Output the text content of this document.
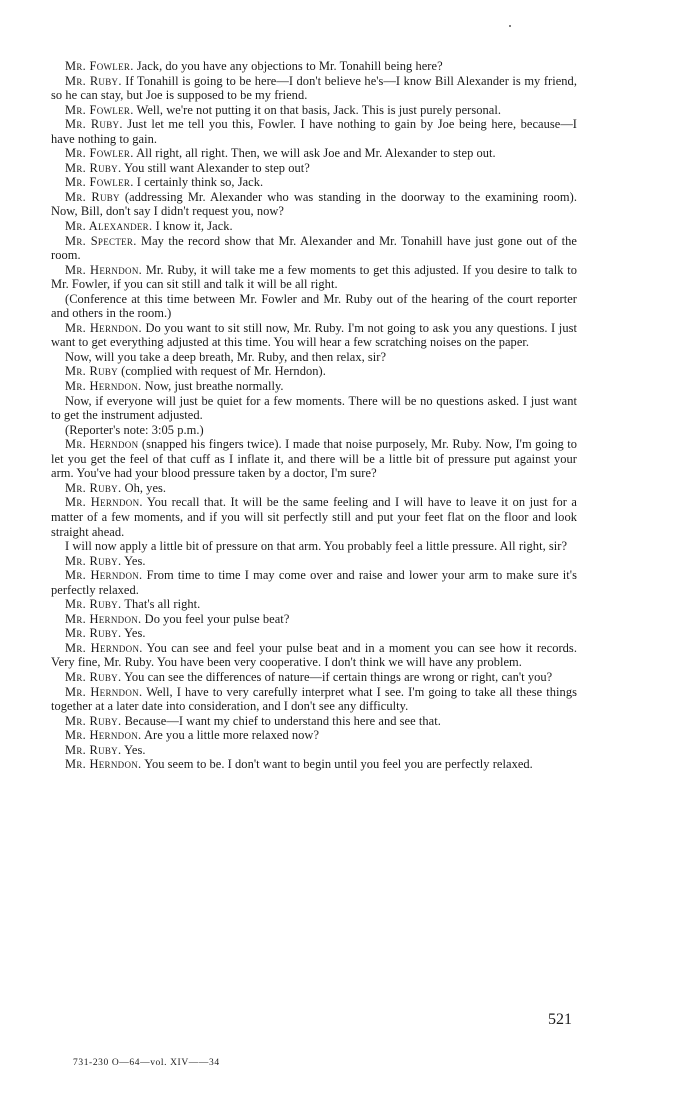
Mr. Fowler. Jack, do you have any objections to Mr. Tonahill being here?

Mr. Ruby. If Tonahill is going to be here—I don't believe he's—I know Bill Alexander is my friend, so he can stay, but Joe is supposed to be my friend.

Mr. Fowler. Well, we're not putting it on that basis, Jack. This is just purely personal.

Mr. Ruby. Just let me tell you this, Fowler. I have nothing to gain by Joe being here, because—I have nothing to gain.

Mr. Fowler. All right, all right. Then, we will ask Joe and Mr. Alexander to step out.

Mr. Ruby. You still want Alexander to step out?

Mr. Fowler. I certainly think so, Jack.

Mr. Ruby (addressing Mr. Alexander who was standing in the doorway to the examining room). Now, Bill, don't say I didn't request you, now?

Mr. Alexander. I know it, Jack.

Mr. Specter. May the record show that Mr. Alexander and Mr. Tonahill have just gone out of the room.

Mr. Herndon. Mr. Ruby, it will take me a few moments to get this adjusted. If you desire to talk to Mr. Fowler, if you can sit still and talk it will be all right.

(Conference at this time between Mr. Fowler and Mr. Ruby out of the hearing of the court reporter and others in the room.)

Mr. Herndon. Do you want to sit still now, Mr. Ruby. I'm not going to ask you any questions. I just want to get everything adjusted at this time. You will hear a few scratching noises on the paper.

Now, will you take a deep breath, Mr. Ruby, and then relax, sir?

Mr. Ruby (complied with request of Mr. Herndon).

Mr. Herndon. Now, just breathe normally.

Now, if everyone will just be quiet for a few moments. There will be no questions asked. I just want to get the instrument adjusted.

(Reporter's note: 3:05 p.m.)

Mr. Herndon (snapped his fingers twice). I made that noise purposely, Mr. Ruby. Now, I'm going to let you get the feel of that cuff as I inflate it, and there will be a little bit of pressure put against your arm. You've had your blood pressure taken by a doctor, I'm sure?

Mr. Ruby. Oh, yes.

Mr. Herndon. You recall that. It will be the same feeling and I will have to leave it on just for a matter of a few moments, and if you will sit perfectly still and put your feet flat on the floor and look straight ahead.

I will now apply a little bit of pressure on that arm. You probably feel a little pressure. All right, sir?

Mr. Ruby. Yes.

Mr. Herndon. From time to time I may come over and raise and lower your arm to make sure it's perfectly relaxed.

Mr. Ruby. That's all right.

Mr. Herndon. Do you feel your pulse beat?

Mr. Ruby. Yes.

Mr. Herndon. You can see and feel your pulse beat and in a moment you can see how it records. Very fine, Mr. Ruby. You have been very cooperative. I don't think we will have any problem.

Mr. Ruby. You can see the differences of nature—if certain things are wrong or right, can't you?

Mr. Herndon. Well, I have to very carefully interpret what I see. I'm going to take all these things together at a later date into consideration, and I don't see any difficulty.

Mr. Ruby. Because—I want my chief to understand this here and see that.

Mr. Herndon. Are you a little more relaxed now?

Mr. Ruby. Yes.

Mr. Herndon. You seem to be. I don't want to begin until you feel you are perfectly relaxed.

521
731-230 O—64—vol. XIV——34
